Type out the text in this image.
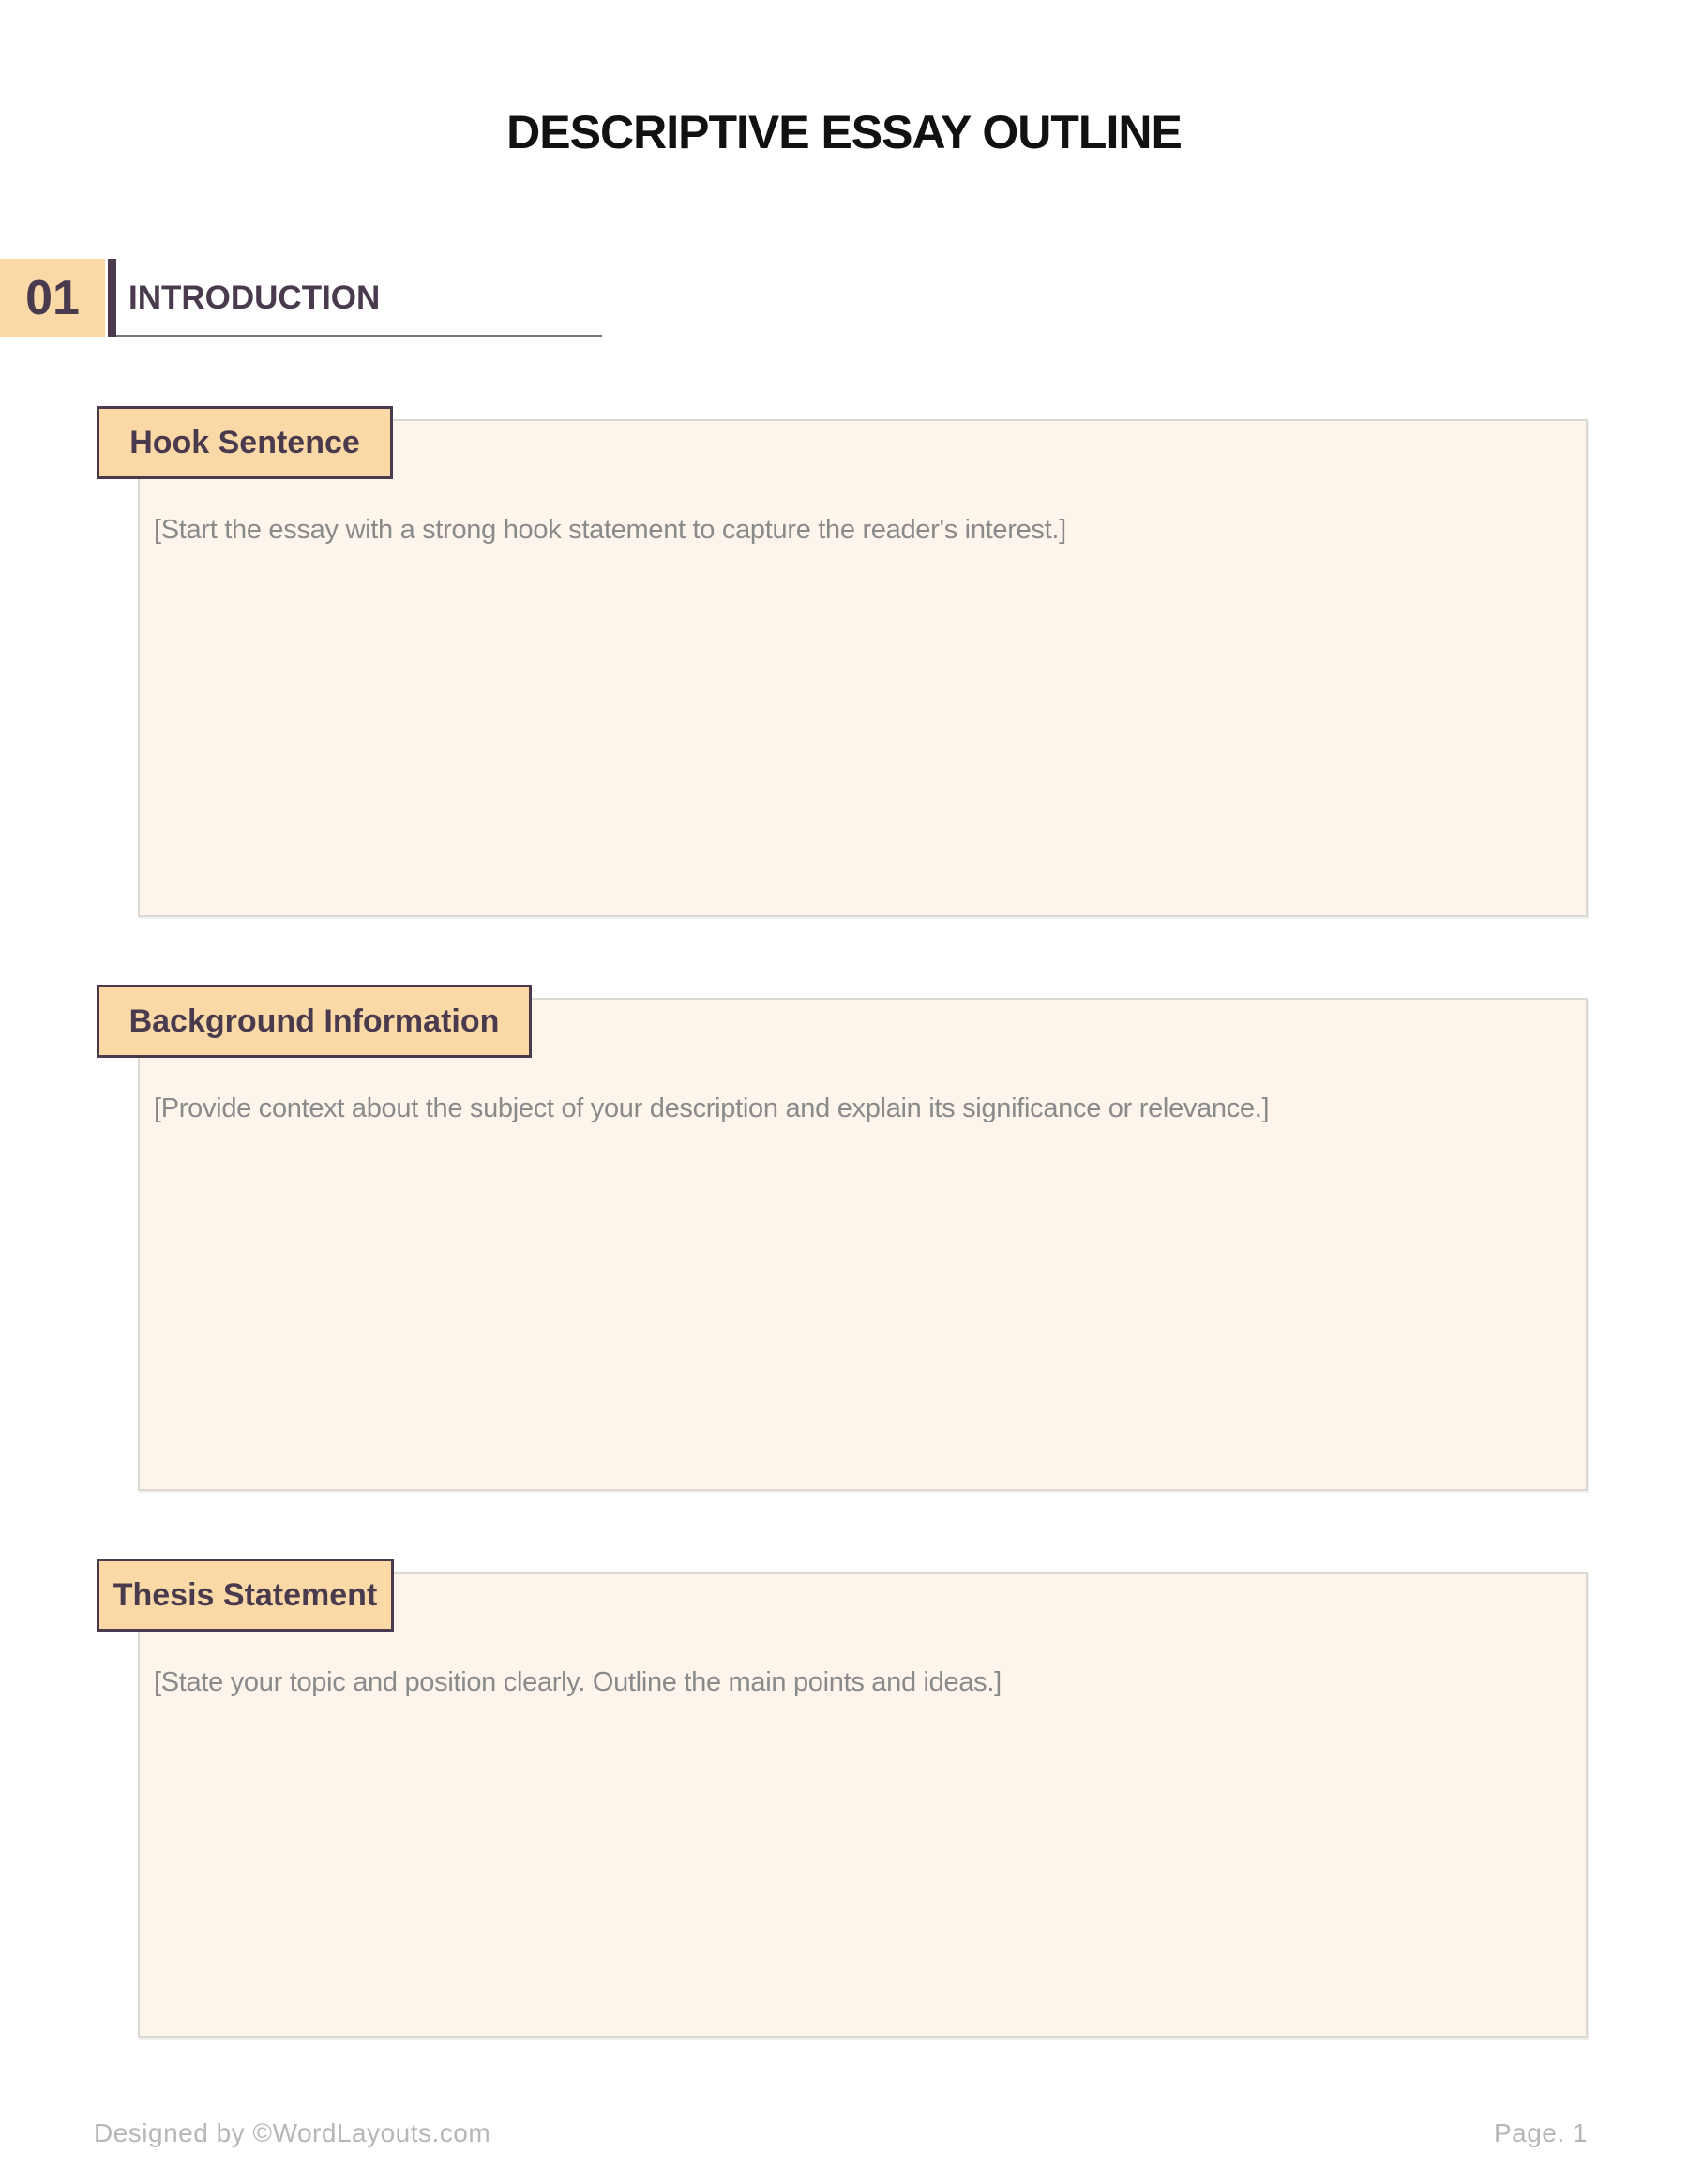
DESCRIPTIVE ESSAY OUTLINE
01	INTRODUCTION
[Start the essay with a strong hook statement to capture the reader's interest.]
Hook Sentence
[Provide context about the subject of your description and explain its significance or relevance.]
Background Information
[State your topic and position clearly. Outline the main points and ideas.]
Thesis Statement
Designed by ©WordLayouts.com	Page. 1
